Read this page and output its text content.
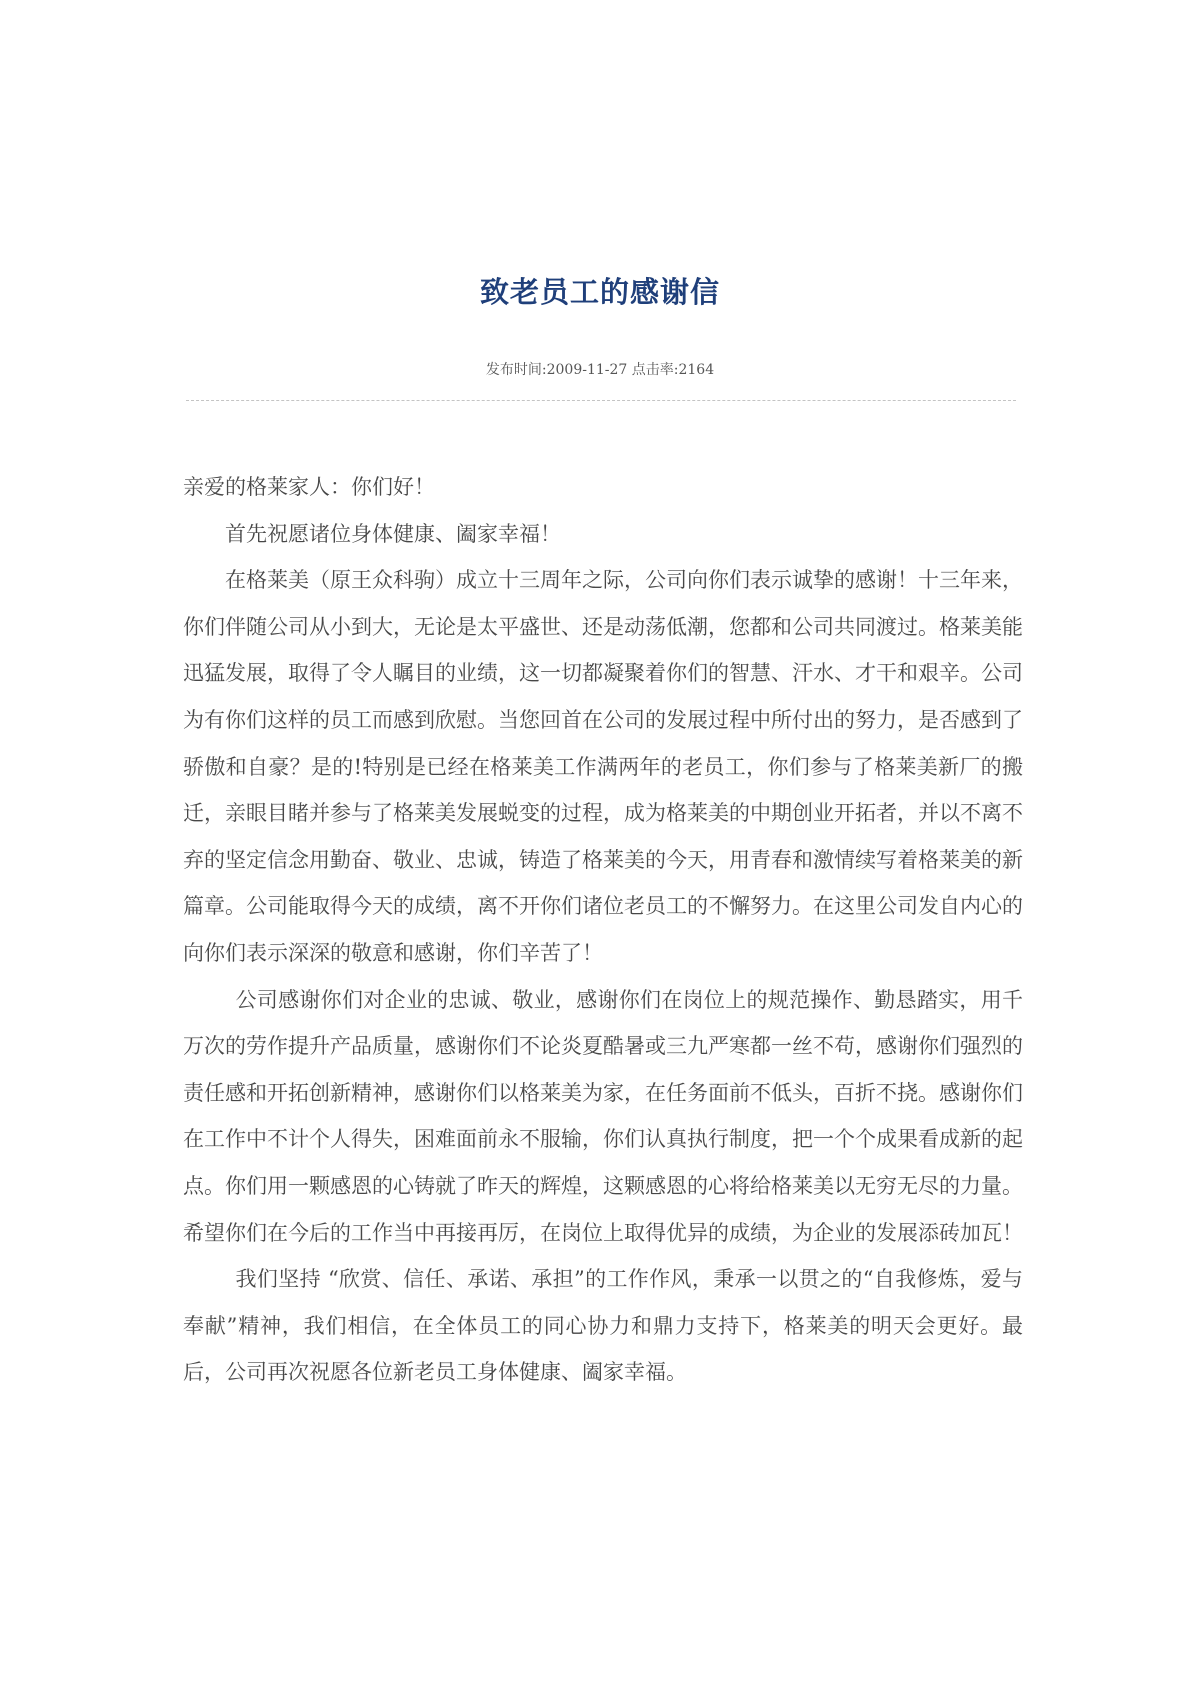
致老员工的感谢信
发布时间:2009-11-27 点击率:2164

亲爱的格莱家人：你们好！

首先祝愿诸位身体健康、阖家幸福！

在格莱美（原王众科驹）成立十三周年之际，公司向你们表示诚挚的感谢！十三年来，你们伴随公司从小到大，无论是太平盛世、还是动荡低潮，您都和公司共同渡过。格莱美能迅猛发展，取得了令人瞩目的业绩，这一切都凝聚着你们的智慧、汗水、才干和艰辛。公司为有你们这样的员工而感到欣慰。当您回首在公司的发展过程中所付出的努力，是否感到了骄傲和自豪？是的!特别是已经在格莱美工作满两年的老员工，你们参与了格莱美新厂的搬迁，亲眼目睹并参与了格莱美发展蜕变的过程，成为格莱美的中期创业开拓者，并以不离不弃的坚定信念用勤奋、敬业、忠诚，铸造了格莱美的今天，用青春和激情续写着格莱美的新篇章。公司能取得今天的成绩，离不开你们诸位老员工的不懈努力。在这里公司发自内心的向你们表示深深的敬意和感谢，你们辛苦了！

公司感谢你们对企业的忠诚、敬业，感谢你们在岗位上的规范操作、勤恳踏实，用千万次的劳作提升产品质量，感谢你们不论炎夏酷暑或三九严寒都一丝不苟，感谢你们强烈的责任感和开拓创新精神，感谢你们以格莱美为家，在任务面前不低头，百折不挠。感谢你们在工作中不计个人得失，困难面前永不服输，你们认真执行制度，把一个个成果看成新的起点。你们用一颗感恩的心铸就了昨天的辉煌，这颗感恩的心将给格莱美以无穷无尽的力量。希望你们在今后的工作当中再接再厉，在岗位上取得优异的成绩，为企业的发展添砖加瓦！

我们坚持 “欣赏、信任、承诺、承担”的工作作风，秉承一以贯之的“自我修炼，爱与奉献”精神，我们相信，在全体员工的同心协力和鼎力支持下，格莱美的明天会更好。最后，公司再次祝愿各位新老员工身体健康、阖家幸福。
